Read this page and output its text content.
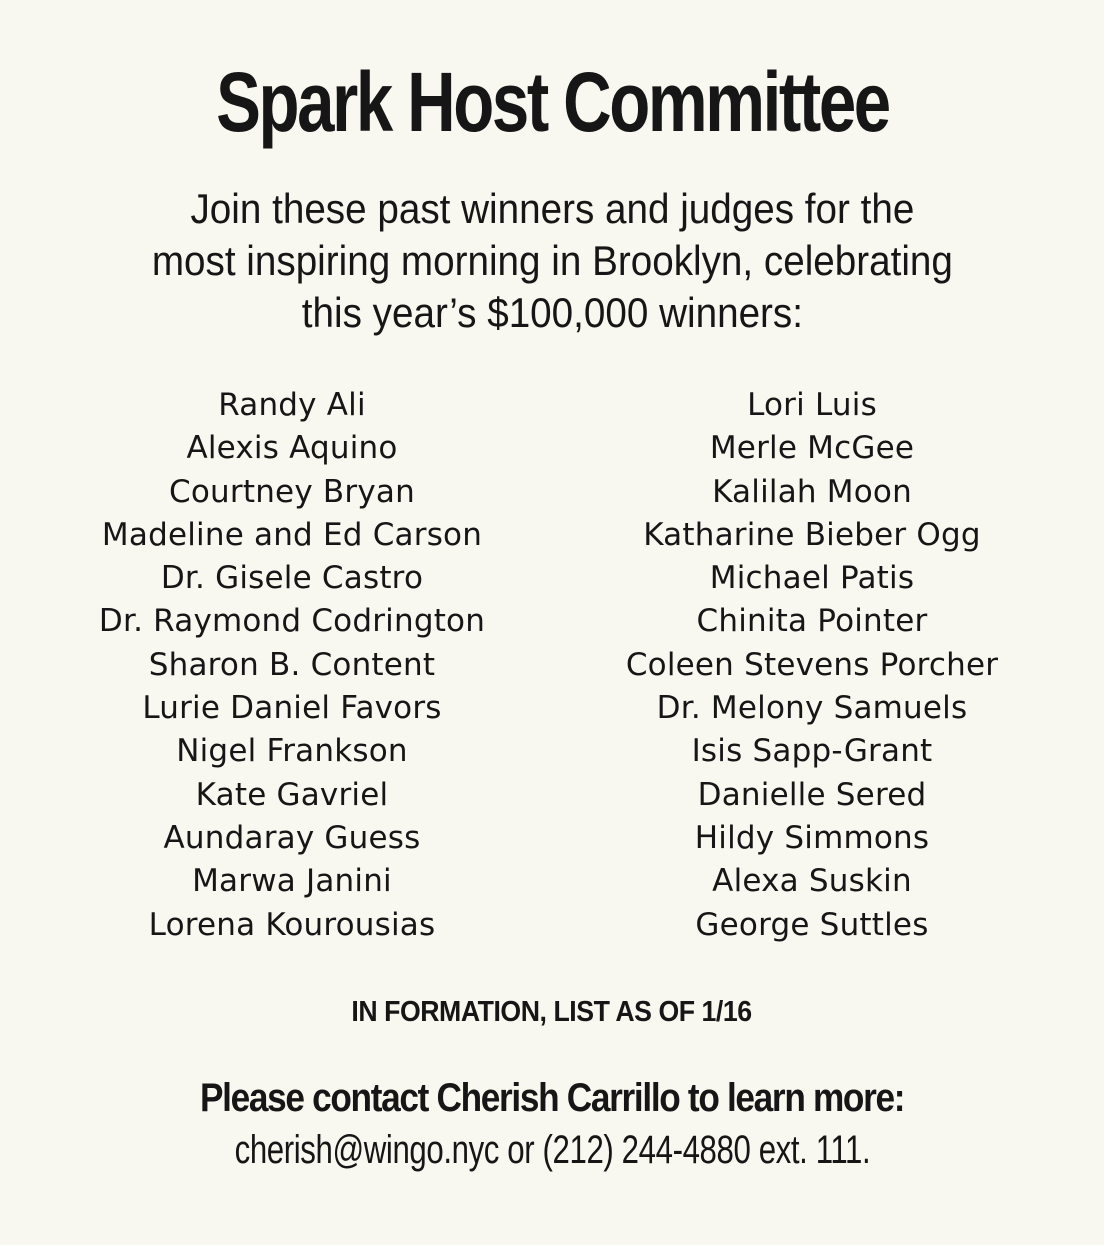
Spark Host Committee
Join these past winners and judges for the
most inspiring morning in Brooklyn, celebrating
this year’s $100,000 winners:
Randy Ali
Alexis Aquino
Courtney Bryan
Madeline and Ed Carson
Dr. Gisele Castro
Dr. Raymond Codrington
Sharon B. Content
Lurie Daniel Favors
Nigel Frankson
Kate Gavriel
Aundaray Guess
Marwa Janini
Lorena Kourousias
Lori Luis
Merle McGee
Kalilah Moon
Katharine Bieber Ogg
Michael Patis
Chinita Pointer
Coleen Stevens Porcher
Dr. Melony Samuels
Isis Sapp-Grant
Danielle Sered
Hildy Simmons
Alexa Suskin
George Suttles
IN FORMATION, LIST AS OF 1/16
Please contact Cherish Carrillo to learn more:
cherish@wingo.nyc or (212) 244-4880 ext. 111.
